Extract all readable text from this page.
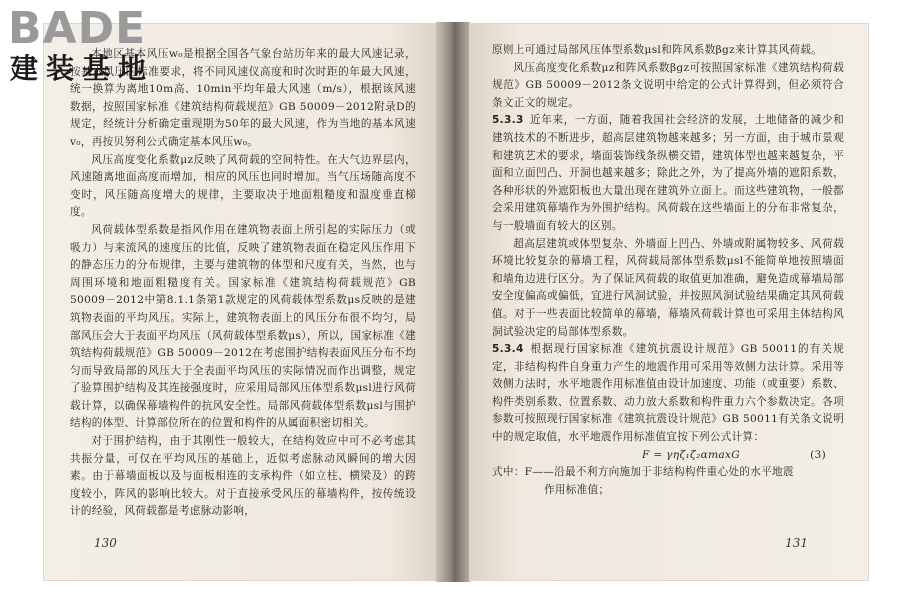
本地区基本风压w₀是根据全国各气象台站历年来的最大风速记录，按基本风压的标准要求，将不同风速仪高度和时次时距的年最大风速，统一换算为离地10m高、10min平均年最大风速（m/s），根据该风速数据，按照国家标准《建筑结构荷载规范》GB 50009－2012附录D的规定，经统计分析确定重现期为50年的最大风速，作为当地的基本风速v₀，再按贝努利公式确定基本风压w₀。

风压高度变化系数μz反映了风荷载的空间特性。在大气边界层内，风速随离地面高度而增加，相应的风压也同时增加。当气压场随高度不变时，风压随高度增大的规律，主要取决于地面粗糙度和温度垂直梯度。

风荷载体型系数是指风作用在建筑物表面上所引起的实际压力（或吸力）与来流风的速度压的比值，反映了建筑物表面在稳定风压作用下的静态压力的分布规律，主要与建筑物的体型和尺度有关，当然，也与周围环境和地面粗糙度有关。国家标准《建筑结构荷载规范》GB 50009－2012中第8.1.1条第1款规定的风荷载体型系数μs反映的是建筑物表面的平均风压。实际上，建筑物表面上的风压分布很不均匀，局部风压会大于表面平均风压（风荷载体型系数μs），所以，国家标准《建筑结构荷载规范》GB 50009－2012在考虑围护结构表面风压分布不均匀而导致局部的风压大于全表面平均风压的实际情况而作出调整，规定了验算围护结构及其连接强度时，应采用局部风压体型系数μsl进行风荷载计算，以确保幕墙构件的抗风安全性。局部风荷载体型系数μsl与围护结构的体型、计算部位所在的位置和构件的从属面积密切相关。

对于围护结构，由于其刚性一般较大，在结构效应中可不必考虑其共振分量，可仅在平均风压的基础上，近似考虑脉动风瞬间的增大因素。由于幕墙面板以及与面板相连的支承构件（如立柱、横梁及）的跨度较小，阵风的影响比较大。对于直接承受风压的幕墙构件，按传统设计的经验，风荷载都是考虑脉动影响，

130

原则上可通过局部风压体型系数μsl和阵风系数βgz来计算其风荷载。

风压高度变化系数μz和阵风系数βgz可按照国家标准《建筑结构荷载规范》GB 50009－2012条文说明中给定的公式计算得到，但必须符合条文正文的规定。

5.3.3 近年来，一方面，随着我国社会经济的发展，土地储备的减少和建筑技术的不断进步，超高层建筑物越来越多；另一方面，由于城市景观和建筑艺术的要求，墙面装饰线条纵横交错，建筑体型也越来越复杂，平面和立面凹凸、开洞也越来越多；除此之外，为了提高外墙的遮阳系数，各种形状的外遮阳板也大量出现在建筑外立面上。而这些建筑物，一般都会采用建筑幕墙作为外围护结构。风荷载在这些墙面上的分布非常复杂，与一般墙面有较大的区别。

超高层建筑或体型复杂、外墙面上凹凸、外墙或附属物较多、风荷载环境比较复杂的幕墙工程，风荷载局部体型系数μsl不能简单地按照墙面和墙角边进行区分。为了保证风荷载的取值更加准确，避免造成幕墙局部安全度偏高或偏低，宜进行风洞试验，并按照风洞试验结果确定其风荷载值。对于一些表面比较简单的幕墙，幕墙风荷载计算也可采用主体结构风洞试验决定的局部体型系数。

5.3.4 根据现行国家标准《建筑抗震设计规范》GB 50011的有关规定，非结构构件自身重力产生的地震作用可采用等效侧力法计算。采用等效侧力法时，水平地震作用标准值由设计加速度、功能（或重要）系数、构件类别系数、位置系数、动力放大系数和构件重力六个参数决定。各项参数可按照现行国家标准《建筑抗震设计规范》GB 50011有关条文说明中的规定取值，水平地震作用标准值宜按下列公式计算：

F = γηζ₁ζ₂αmaxG	(3)

式中：F——沿最不利方向施加于非结构构件重心处的水平地震
作用标准值；

131
BADE
建装基地
